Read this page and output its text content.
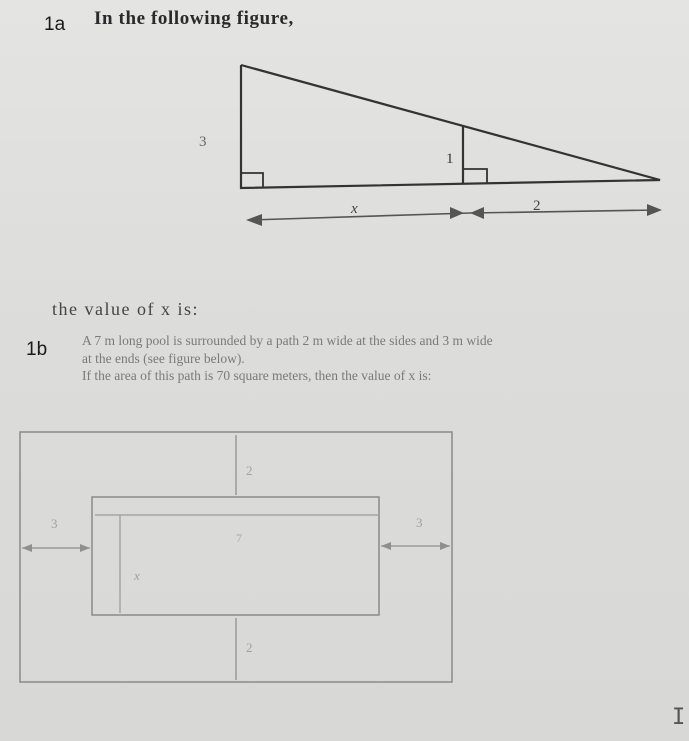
1a In the following figure,
3
1
x	2
the value of x is:
1b	A 7 m long pool is surrounded by a path 2 m wide at the sides and 3 m wide
at the ends (see figure below).
If the area of this path is 70 square meters, then the value of x is:
2
3	3
7
x
2
I
